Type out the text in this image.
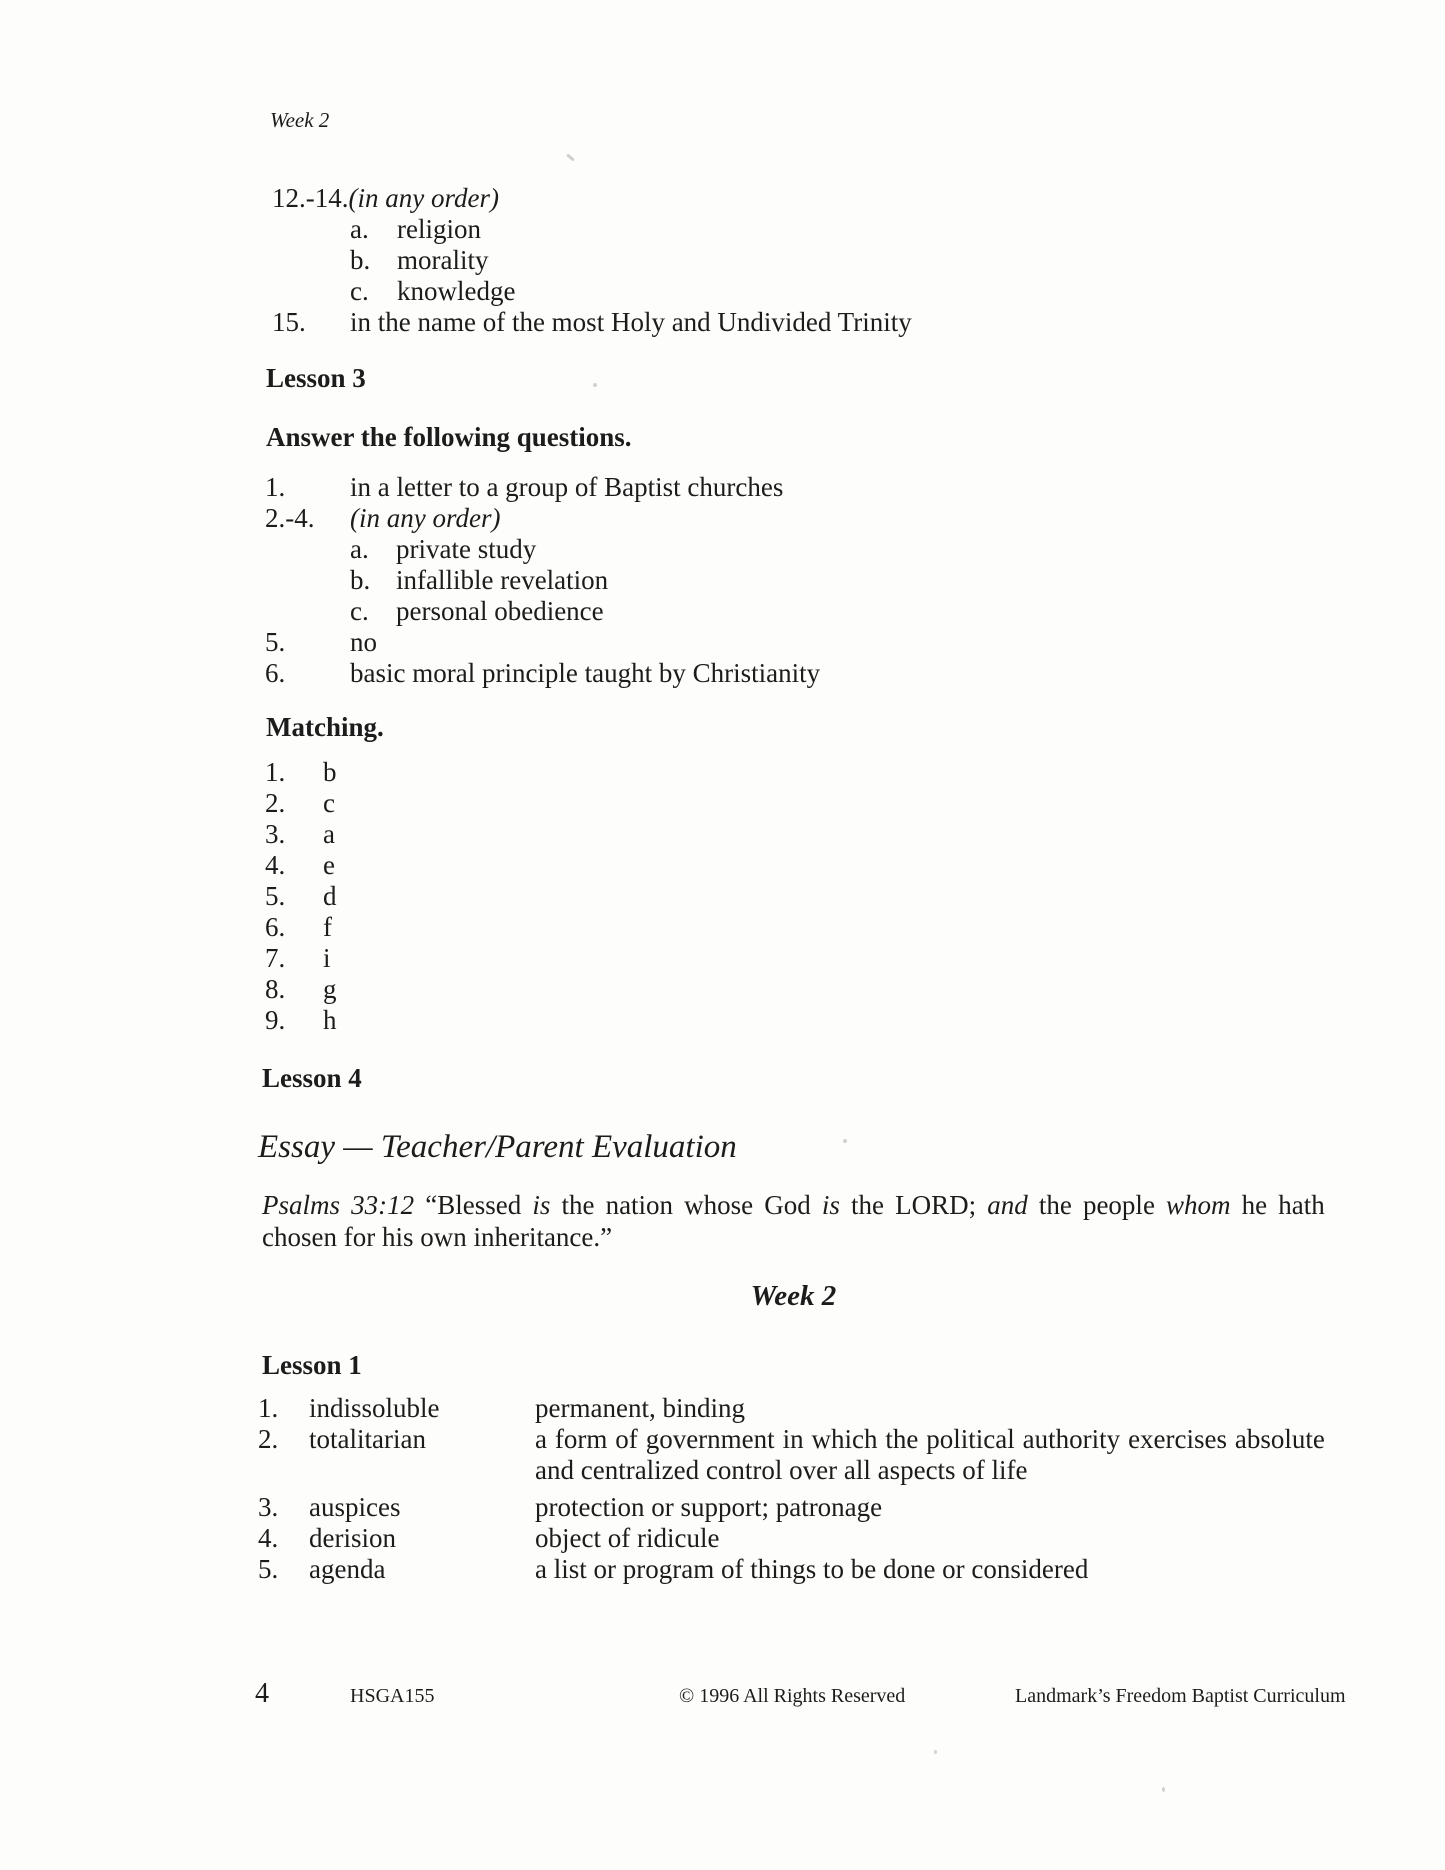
Week 2
12.-14. (in any order)
a.	religion
b. morality
c.	knowledge
15.	in the name of the most Holy and Undivided Trinity
Lesson 3
Answer the following questions.
1.	in a letter to a group of Baptist churches
2.-4.	(in any order)
a.	private study
b. infallible revelation
c.	personal obedience
5.	no
6.	basic moral principle taught by Christianity
Matching.
1.	b
2.	c
3.	a
4.	e
5.	d
6.	f
7.	i
8.	g
9.	h
Lesson 4
Essay — Teacher/Parent Evaluation
Psalms 33:12 “Blessed is the nation whose God is the LORD; and the people whom he hath
chosen for his own inheritance.”
Week 2
Lesson 1
1.	indissoluble	permanent, binding
2.	totalitarian	a form of government in which the political authority exercises absolute
and centralized control over all aspects of life
3.	auspices	protection or support; patronage
4.	derision	object of ridicule
5.	agenda	a list or program of things to be done or considered
4	HSGA155	© 1996 All Rights Reserved	Landmark’s Freedom Baptist Curriculum
